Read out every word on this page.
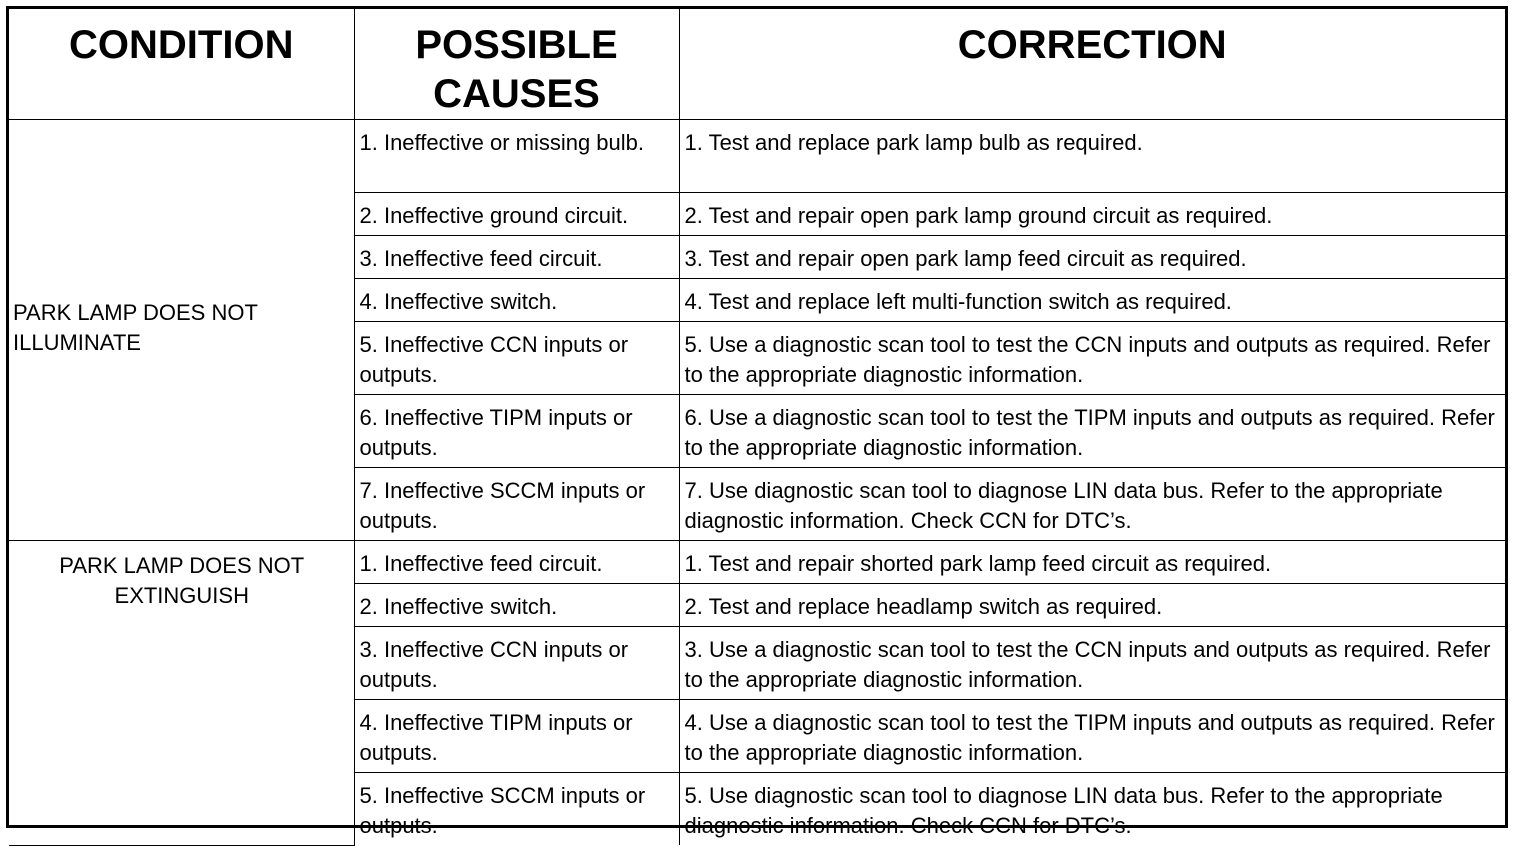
CONDITION	POSSIBLE CAUSES	CORRECTION
PARK LAMP DOES NOT ILLUMINATE	1. Ineffective or missing bulb.	1. Test and replace park lamp bulb as required.
	2. Ineffective ground circuit.	2. Test and repair open park lamp ground circuit as required.
	3. Ineffective feed circuit.	3. Test and repair open park lamp feed circuit as required.
	4. Ineffective switch.	4. Test and replace left multi-function switch as required.
	5. Ineffective CCN inputs or outputs.	5. Use a diagnostic scan tool to test the CCN inputs and outputs as required. Refer to the appropriate diagnostic information.
	6. Ineffective TIPM inputs or outputs.	6. Use a diagnostic scan tool to test the TIPM inputs and outputs as required. Refer to the appropriate diagnostic information.
	7. Ineffective SCCM inputs or outputs.	7. Use diagnostic scan tool to diagnose LIN data bus. Refer to the appropriate diagnostic information. Check CCN for DTC’s.
PARK LAMP DOES NOT EXTINGUISH	1. Ineffective feed circuit.	1. Test and repair shorted park lamp feed circuit as required.
	2. Ineffective switch.	2. Test and replace headlamp switch as required.
	3. Ineffective CCN inputs or outputs.	3. Use a diagnostic scan tool to test the CCN inputs and outputs as required. Refer to the appropriate diagnostic information.
	4. Ineffective TIPM inputs or outputs.	4. Use a diagnostic scan tool to test the TIPM inputs and outputs as required. Refer to the appropriate diagnostic information.
	5. Ineffective SCCM inputs or outputs.	5. Use diagnostic scan tool to diagnose LIN data bus. Refer to the appropriate diagnostic information. Check CCN for DTC’s.
